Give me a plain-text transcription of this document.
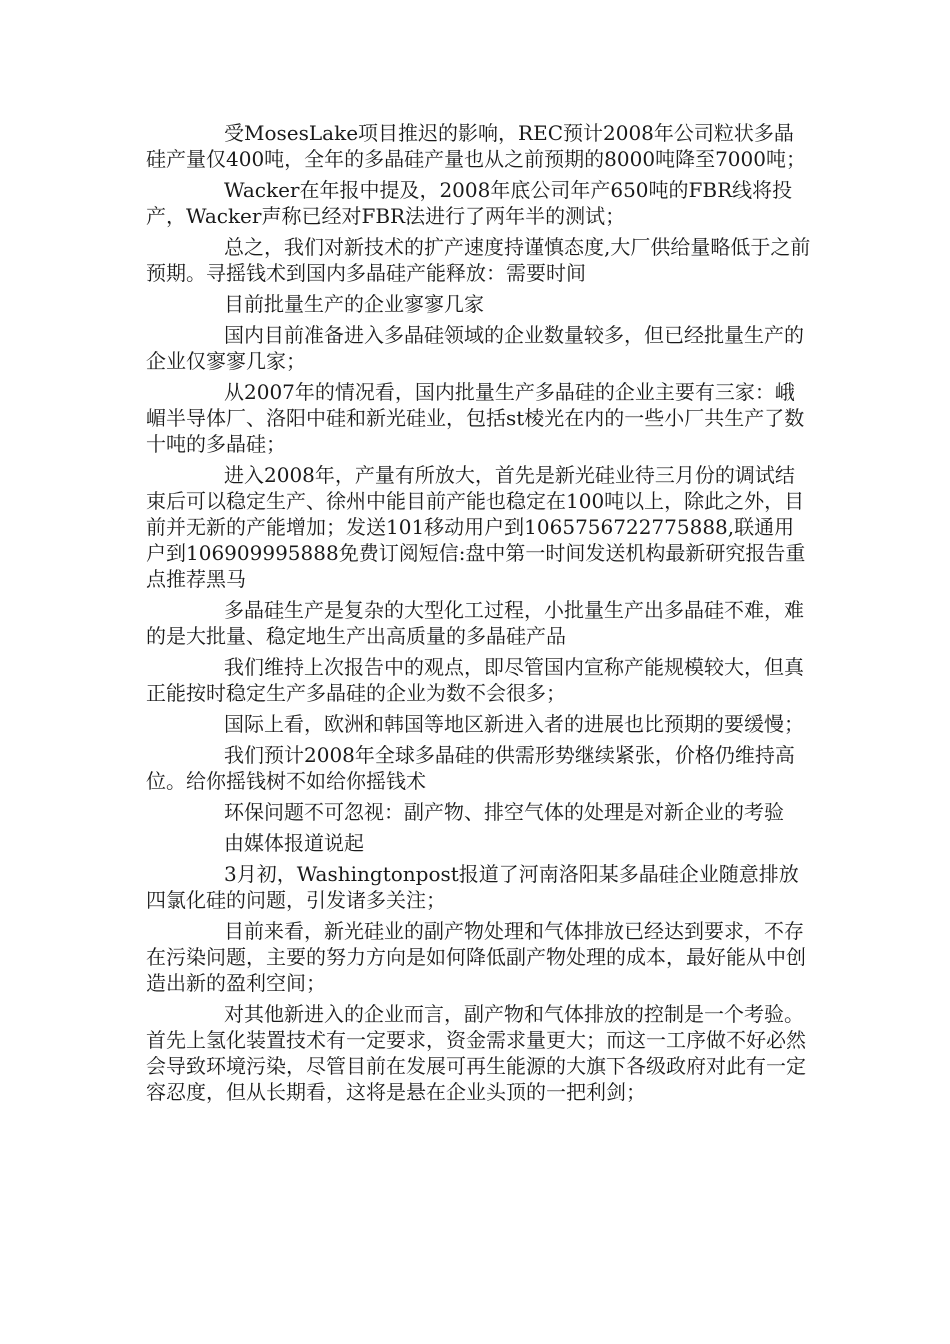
受MosesLake项目推迟的影响，REC预计2008年公司粒状多晶硅产量仅400吨，全年的多晶硅产量也从之前预期的8000吨降至7000吨；

Wacker在年报中提及，2008年底公司年产650吨的FBR线将投产，Wacker声称已经对FBR法进行了两年半的测试；

总之，我们对新技术的扩产速度持谨慎态度,大厂供给量略低于之前预期。寻摇钱术到国内多晶硅产能释放：需要时间

目前批量生产的企业寥寥几家

国内目前准备进入多晶硅领域的企业数量较多，但已经批量生产的企业仅寥寥几家；

从2007年的情况看，国内批量生产多晶硅的企业主要有三家：峨嵋半导体厂、洛阳中硅和新光硅业，包括st棱光在内的一些小厂共生产了数十吨的多晶硅；

进入2008年，产量有所放大，首先是新光硅业待三月份的调试结束后可以稳定生产、徐州中能目前产能也稳定在100吨以上，除此之外，目前并无新的产能增加；发送101移动用户到1065756722775888,联通用户到106909995888免费订阅短信:盘中第一时间发送机构最新研究报告重点推荐黑马

多晶硅生产是复杂的大型化工过程，小批量生产出多晶硅不难，难的是大批量、稳定地生产出高质量的多晶硅产品

我们维持上次报告中的观点，即尽管国内宣称产能规模较大，但真正能按时稳定生产多晶硅的企业为数不会很多；

国际上看，欧洲和韩国等地区新进入者的进展也比预期的要缓慢；

我们预计2008年全球多晶硅的供需形势继续紧张，价格仍维持高位。给你摇钱树不如给你摇钱术

环保问题不可忽视：副产物、排空气体的处理是对新企业的考验

由媒体报道说起

3月初，Washingtonpost报道了河南洛阳某多晶硅企业随意排放四氯化硅的问题，引发诸多关注；

目前来看，新光硅业的副产物处理和气体排放已经达到要求，不存在污染问题，主要的努力方向是如何降低副产物处理的成本，最好能从中创造出新的盈利空间；

对其他新进入的企业而言，副产物和气体排放的控制是一个考验。首先上氢化装置技术有一定要求，资金需求量更大；而这一工序做不好必然会导致环境污染，尽管目前在发展可再生能源的大旗下各级政府对此有一定容忍度，但从长期看，这将是悬在企业头顶的一把利剑；
